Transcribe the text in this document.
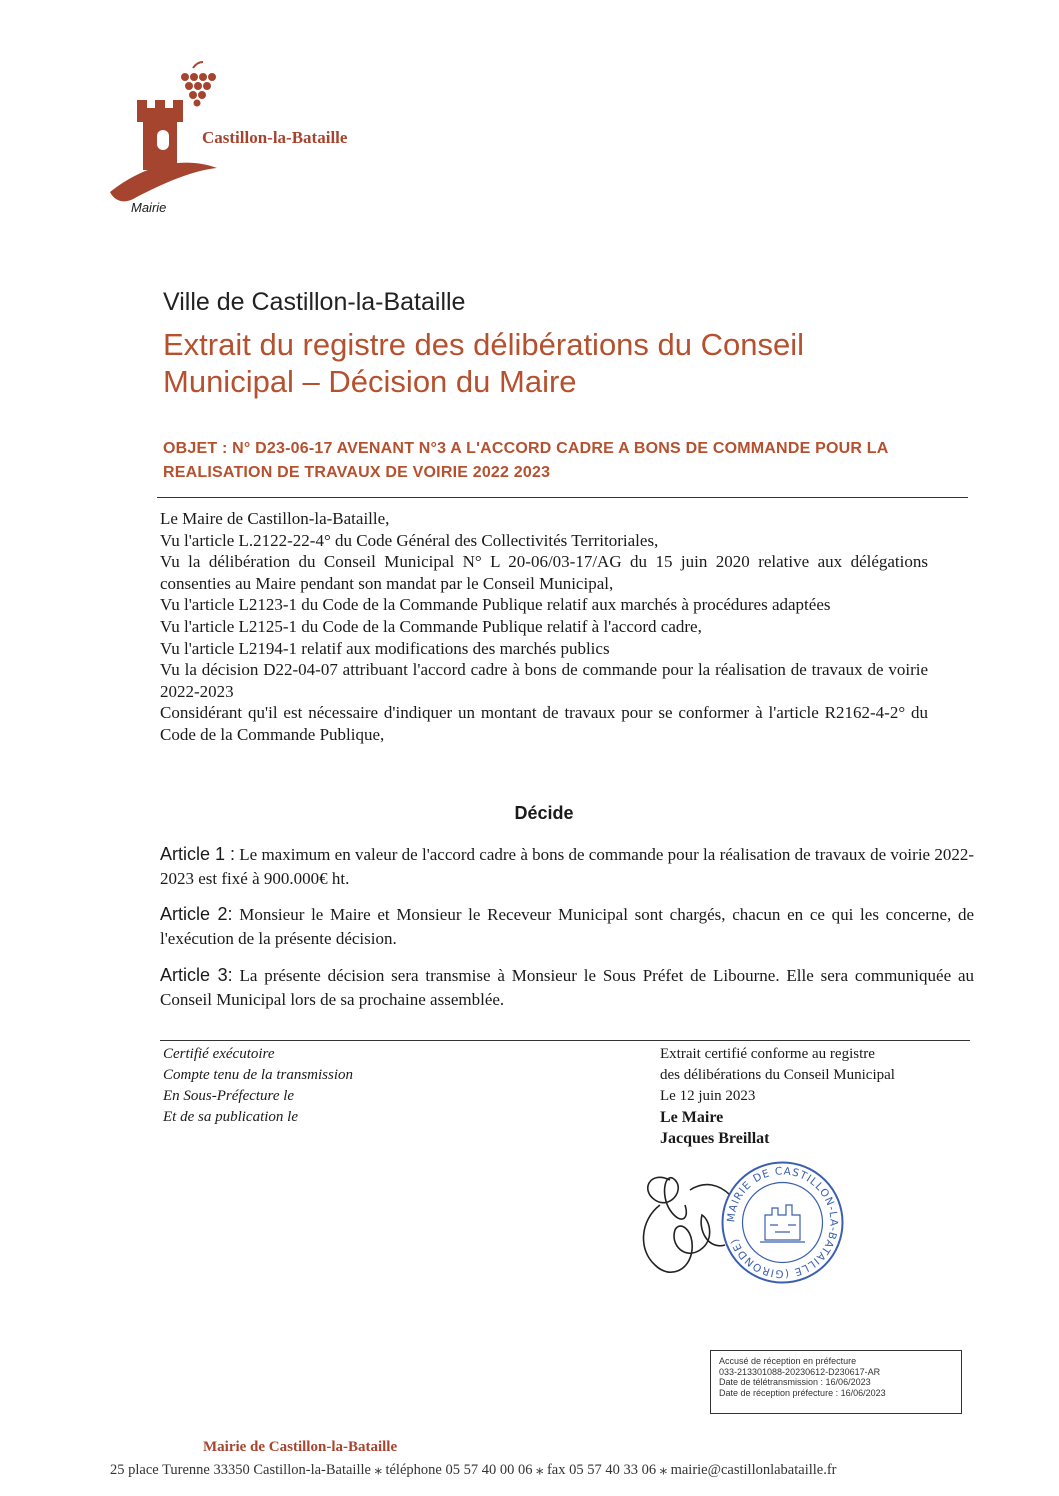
Castillon-la-Bataille
Mairie
Ville de Castillon-la-Bataille
Extrait du registre des délibérations du Conseil
Municipal – Décision du Maire
OBJET : N° D23-06-17 AVENANT N°3 A L'ACCORD CADRE A BONS DE COMMANDE POUR LA
REALISATION DE TRAVAUX DE VOIRIE 2022 2023

Le Maire de Castillon-la-Bataille,

Vu l'article L.2122-22-4° du Code Général des Collectivités Territoriales,

Vu la délibération du Conseil Municipal N° L 20-06/03-17/AG du 15 juin 2020 relative aux délégations consenties au Maire pendant son mandat par le Conseil Municipal,

Vu l'article L2123-1 du Code de la Commande Publique relatif aux marchés à procédures adaptées

Vu l'article L2125-1 du Code de la Commande Publique relatif à l'accord cadre,

Vu l'article L2194-1 relatif aux modifications des marchés publics

Vu la décision D22-04-07 attribuant l'accord cadre à bons de commande pour la réalisation de travaux de voirie 2022-2023

Considérant qu'il est nécessaire d'indiquer un montant de travaux pour se conformer à l'article R2162-4-2° du Code de la Commande Publique,

Décide
Article 1 : Le maximum en valeur de l'accord cadre à bons de commande pour la réalisation de travaux de voirie 2022-2023 est fixé à 900.000€ ht.
Article 2: Monsieur le Maire et Monsieur le Receveur Municipal sont chargés, chacun en ce qui les concerne, de l'exécution de la présente décision.
Article 3: La présente décision sera transmise à Monsieur le Sous Préfet de Libourne. Elle sera communiquée au Conseil Municipal lors de sa prochaine assemblée.
Certifié exécutoire
Compte tenu de la transmission
En Sous-Préfecture le
Et de sa publication le
Extrait certifié conforme au registre
des délibérations du Conseil Municipal
Le 12 juin 2023
Le Maire
Jacques Breillat
MAIRIE DE CASTILLON-LA-BATAILLE (GIRONDE)
Accusé de réception en préfecture
033-213301088-20230612-D230617-AR
Date de télétransmission : 16/06/2023
Date de réception préfecture : 16/06/2023
Mairie de Castillon-la-Bataille
25 place Turenne 33350 Castillon-la-Bataille ⁎ téléphone 05 57 40 00 06 ⁎ fax 05 57 40 33 06 ⁎ mairie@castillonlabataille.fr
